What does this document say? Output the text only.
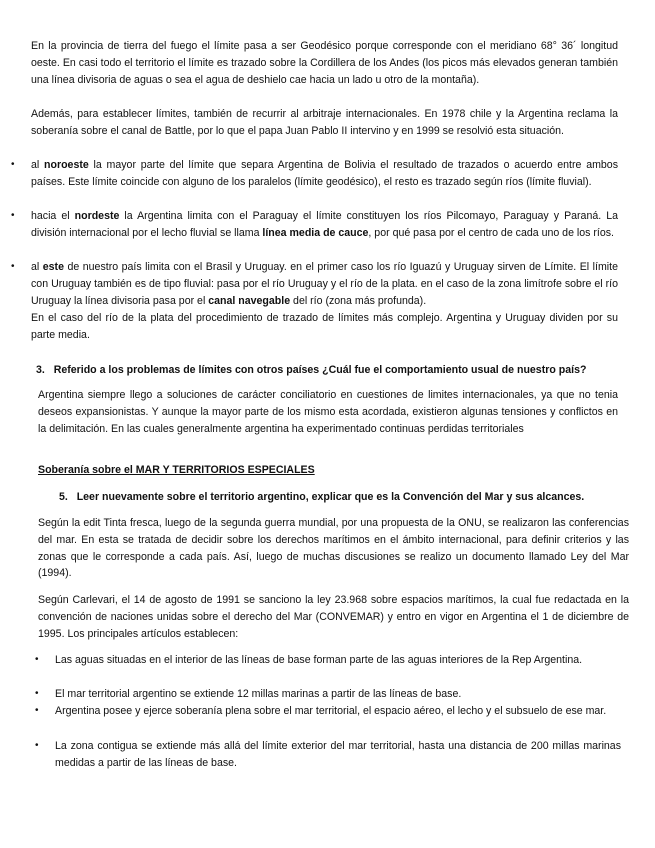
En la provincia de tierra del fuego el límite pasa a ser Geodésico porque corresponde con el meridiano 68° 36´ longitud oeste. En casi todo el territorio el límite es trazado sobre la Cordillera de los Andes (los picos más elevados generan también una línea divisoria de aguas o sea el agua de deshielo cae hacia un lado u otro de la montaña).

Además, para establecer límites, también de recurrir al arbitraje internacionales. En 1978 chile y la Argentina reclama la soberanía sobre el canal de Battle, por lo que el papa Juan Pablo II intervino y en 1999 se resolvió esta situación.

• al noroeste la mayor parte del límite que separa Argentina de Bolivia el resultado de trazados o acuerdo entre ambos países. Este límite coincide con alguno de los paralelos (límite geodésico), el resto es trazado según ríos (límite fluvial).

• hacia el nordeste la Argentina limita con el Paraguay el límite constituyen los ríos Pilcomayo, Paraguay y Paraná. La división internacional por el lecho fluvial se llama línea media de cauce, por qué pasa por el centro de cada uno de los ríos.

• al este de nuestro país limita con el Brasil y Uruguay. en el primer caso los río Iguazú y Uruguay sirven de Límite. El límite con Uruguay también es de tipo fluvial: pasa por el río Uruguay y el río de la plata. en el caso de la zona limítrofe sobre el río Uruguay la línea divisoria pasa por el canal navegable del río (zona más profunda).

En el caso del río de la plata del procedimiento de trazado de límites más complejo. Argentina y Uruguay dividen por su parte media.

3. Referido a los problemas de límites con otros países ¿Cuál fue el comportamiento usual de nuestro país?

Argentina siempre llego a soluciones de carácter conciliatorio en cuestiones de limites internacionales, ya que no tenia deseos expansionistas. Y aunque la mayor parte de los mismo esta acordada, existieron algunas tensiones y conflictos en la delimitación. En las cuales generalmente argentina ha experimentado continuas perdidas territoriales

Soberanía sobre el MAR Y TERRITORIOS ESPECIALES
5. Leer nuevamente sobre el territorio argentino, explicar que es la Convención del Mar y sus alcances.

Según la edit Tinta fresca, luego de la segunda guerra mundial, por una propuesta de la ONU, se realizaron las conferencias del mar. En esta se tratada de decidir sobre los derechos marítimos en el ámbito internacional, para definir criterios y las zonas que le corresponde a cada país. Así, luego de muchas discusiones se realizo un documento llamado Ley del Mar (1994).

Según Carlevari, el 14 de agosto de 1991 se sanciono la ley 23.968 sobre espacios marítimos, la cual fue redactada en la convención de naciones unidas sobre el derecho del Mar (CONVEMAR) y entro en vigor en Argentina el 1 de diciembre de 1995. Los principales artículos establecen:

• Las aguas situadas en el interior de las líneas de base forman parte de las aguas interiores de la Rep Argentina.

• El mar territorial argentino se extiende 12 millas marinas a partir de las líneas de base.

• Argentina posee y ejerce soberanía plena sobre el mar territorial, el espacio aéreo, el lecho y el subsuelo de ese mar.

• La zona contigua se extiende más allá del límite exterior del mar territorial, hasta una distancia de 200 millas marinas medidas a partir de las líneas de base.
